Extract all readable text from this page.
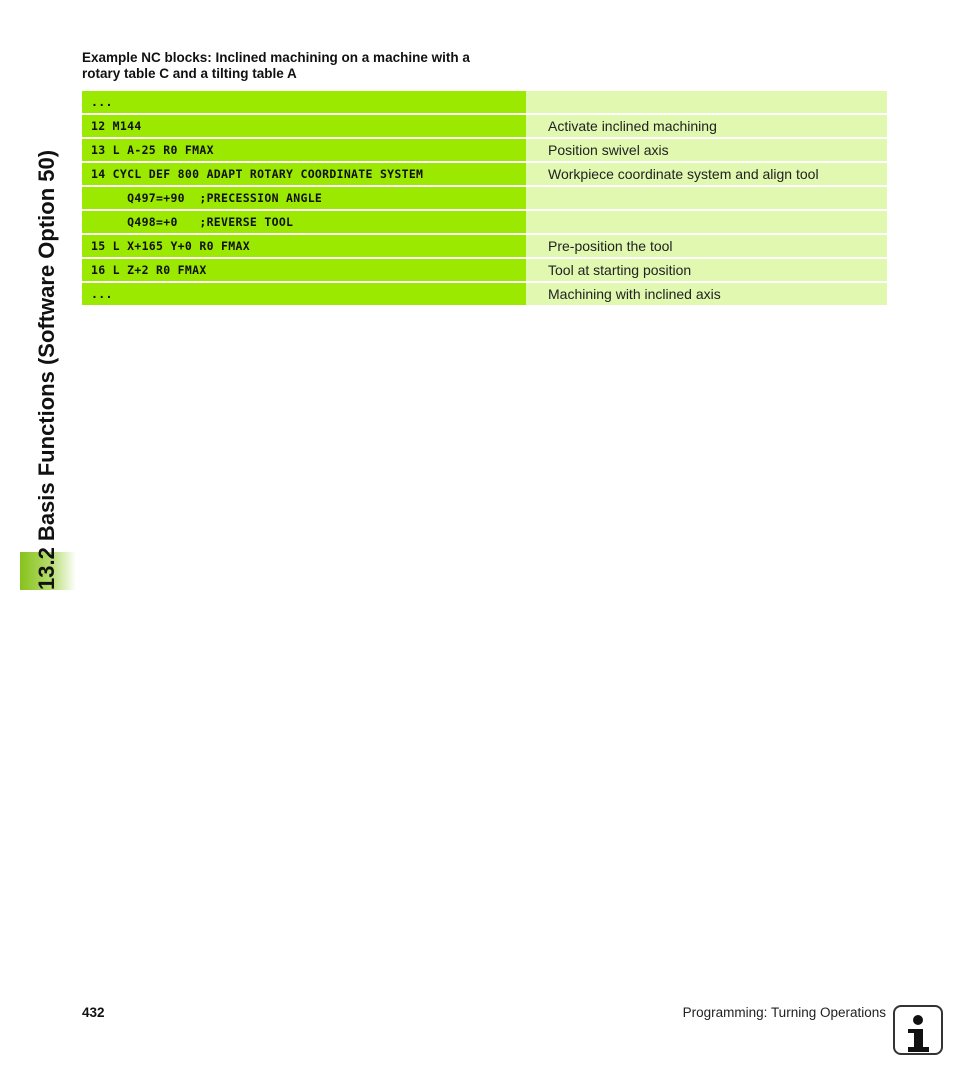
13.2 Basis Functions (Software Option 50)
Example NC blocks: Inclined machining on a machine with a
rotary table C and a tilting table A
...
12 M144	Activate inclined machining
13 L A-25 R0 FMAX	Position swivel axis
14 CYCL DEF 800 ADAPT ROTARY COORDINATE SYSTEM	Workpiece coordinate system and align tool
Q497=+90  ;PRECESSION ANGLE
Q498=+0   ;REVERSE TOOL
15 L X+165 Y+0 R0 FMAX	Pre-position the tool
16 L Z+2 R0 FMAX	Tool at starting position
...	Machining with inclined axis
432	Programming: Turning Operations
